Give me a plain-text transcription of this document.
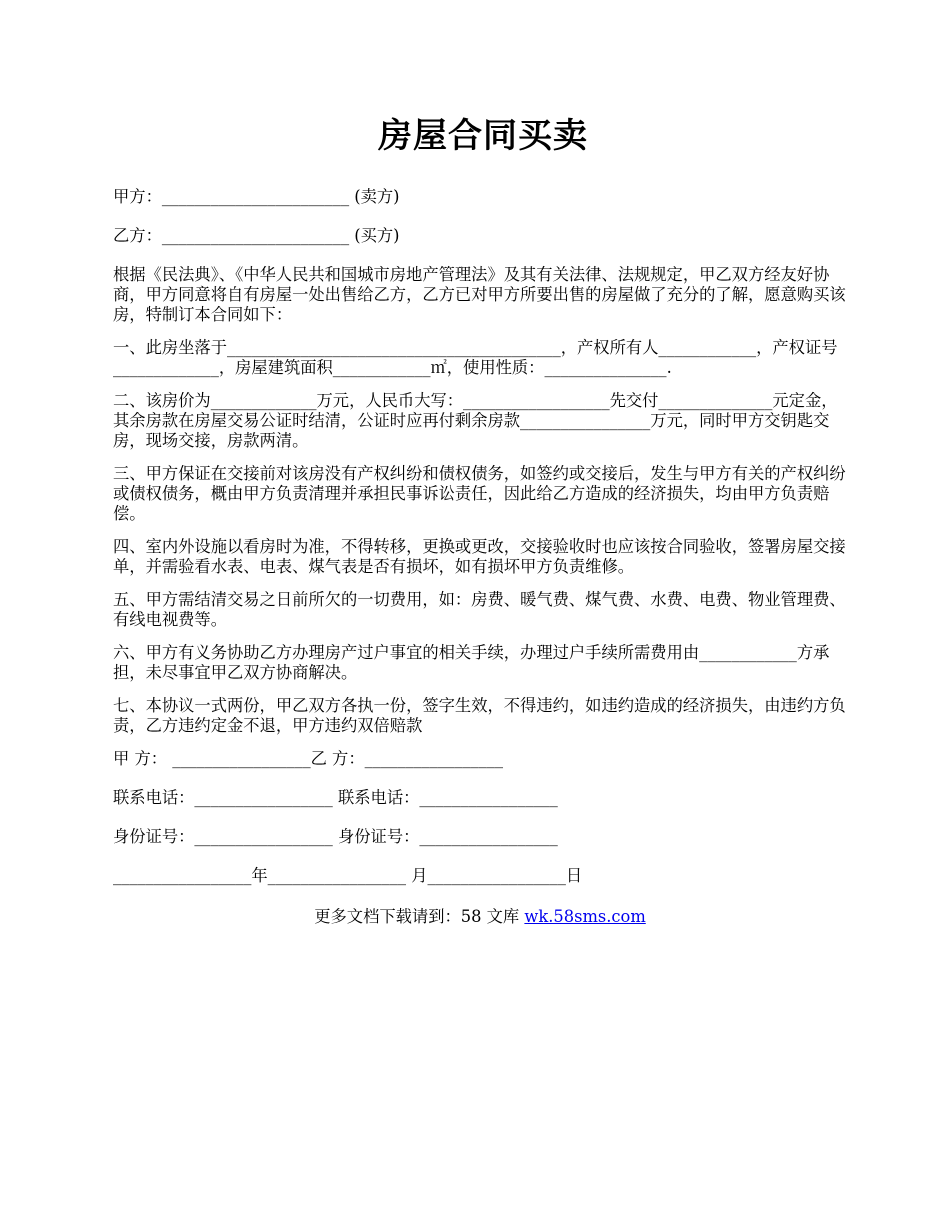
房屋合同买卖

甲方：_______________________ (卖方)

乙方：_______________________ (买方)

根据《民法典》、《中华人民共和国城市房地产管理法》及其有关法律、法规规定，甲乙双方经友好协商，甲方同意将自有房屋一处出售给乙方，乙方已对甲方所要出售的房屋做了充分的了解，愿意购买该房，特制订本合同如下：

一、此房坐落于_________________________________________，产权所有人____________，产权证号_____________，房屋建筑面积____________㎡，使用性质：_______________.

二、该房价为_____________万元，人民币大写：__________________先交付______________元定金，其余房款在房屋交易公证时结清，公证时应再付剩余房款________________万元，同时甲方交钥匙交房，现场交接，房款两清。

三、甲方保证在交接前对该房没有产权纠纷和债权债务，如签约或交接后，发生与甲方有关的产权纠纷或债权债务，概由甲方负责清理并承担民事诉讼责任，因此给乙方造成的经济损失，均由甲方负责赔偿。

四、室内外设施以看房时为准，不得转移，更换或更改，交接验收时也应该按合同验收，签署房屋交接单，并需验看水表、电表、煤气表是否有损坏，如有损坏甲方负责维修。

五、甲方需结清交易之日前所欠的一切费用，如：房费、暖气费、煤气费、水费、电费、物业管理费、有线电视费等。

六、甲方有义务协助乙方办理房产过户事宜的相关手续，办理过户手续所需费用由____________方承担，未尽事宜甲乙双方协商解决。

七、本协议一式两份，甲乙双方各执一份，签字生效，不得违约，如违约造成的经济损失，由违约方负责，乙方违约定金不退，甲方违约双倍赔款

甲 方： _________________乙 方：_________________

联系电话：_________________ 联系电话：_________________

身份证号：_________________ 身份证号：_________________

_________________年_________________ 月_________________日

更多文档下载请到：58 文库 wk.58sms.com
